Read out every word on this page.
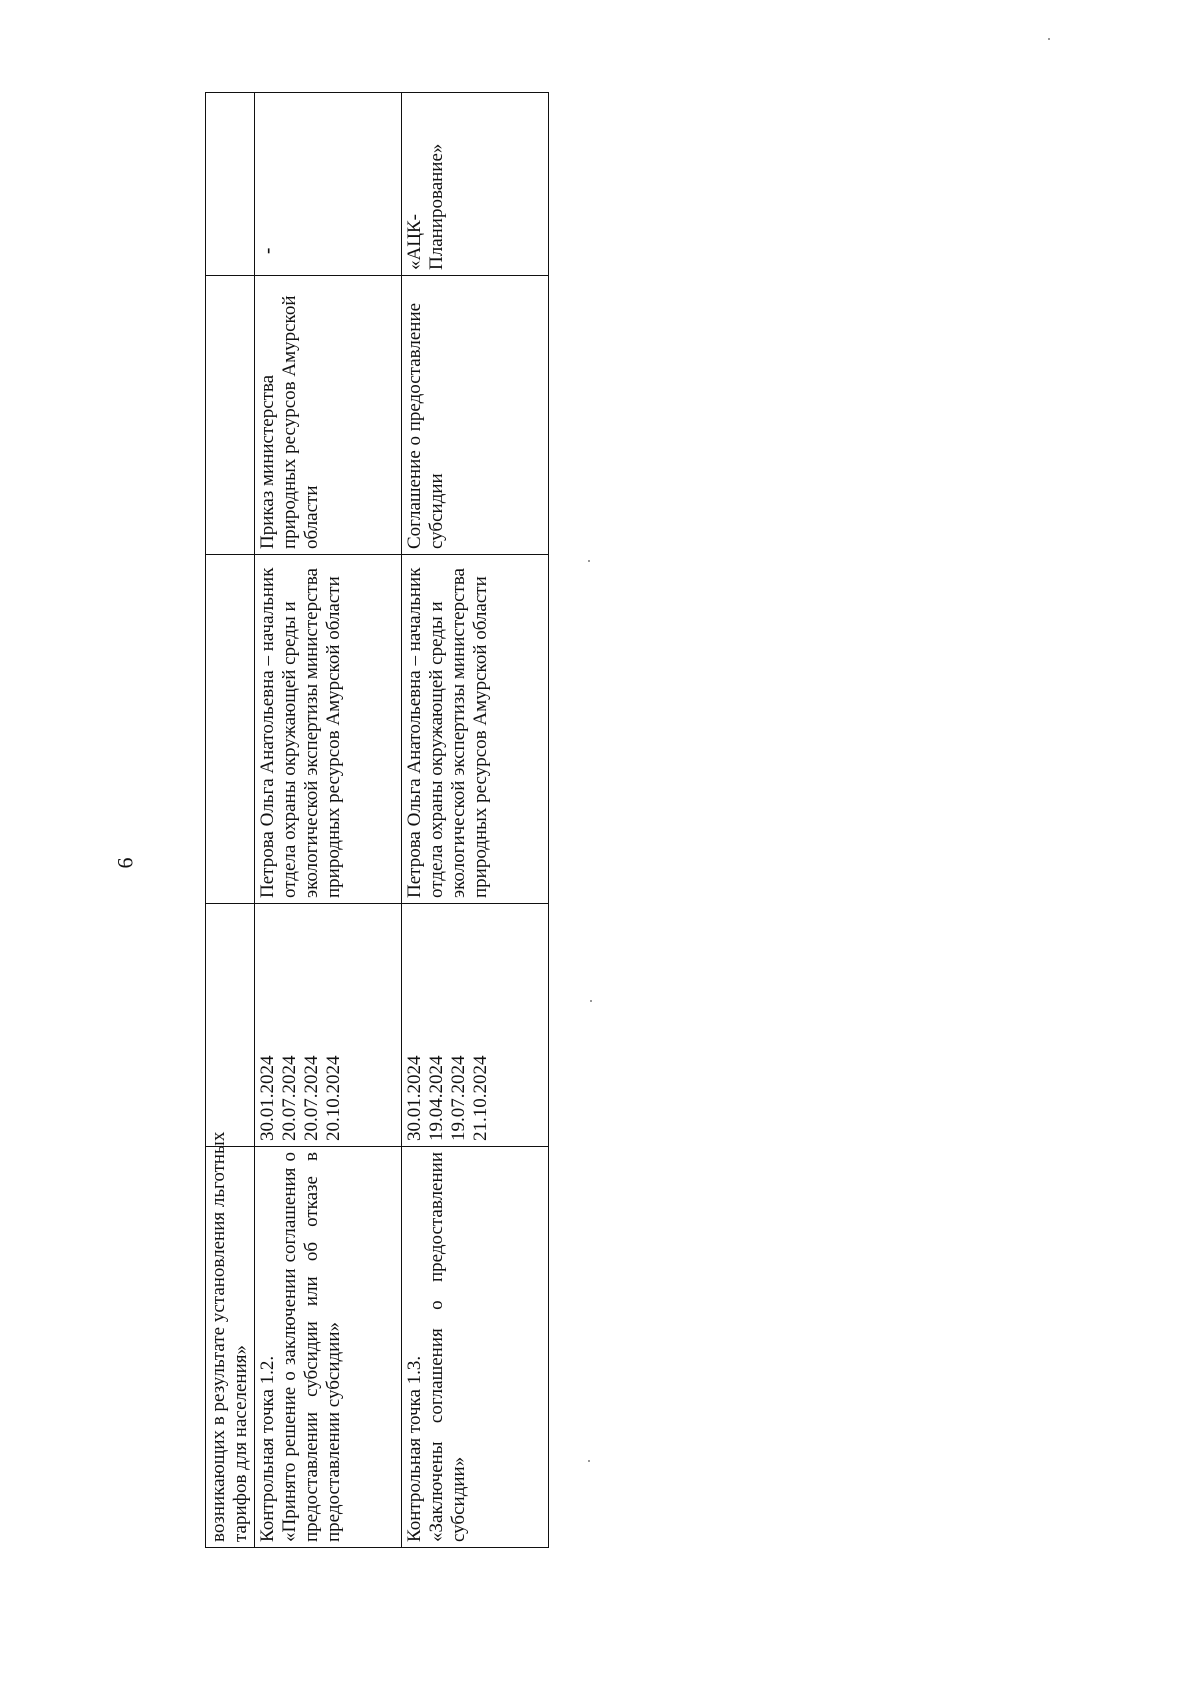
6
возникающих в результате установления льготных тарифов для населения»				

Контрольная точка 1.2. «Принято решение о заключении соглашения о предоставлении субсидии или об отказе в предоставлении субсидии»	30.01.2024 20.07.2024 20.07.2024 20.10.2024	Петрова Ольга Анатольевна – начальник отдела охраны окружающей среды и экологической экспертизы министерства природных ресурсов Амурской области	Приказ министерства природных ресурсов Амурской области	-

Контрольная точка 1.3. «Заключены соглашения о предоставлении субсидии»	30.01.2024 19.04.2024 19.07.2024 21.10.2024	Петрова Ольга Анатольевна – начальник отдела охраны окружающей среды и экологической экспертизы министерства природных ресурсов Амурской области	Соглашение о предоставление субсидии	«АЦК-Планирование»
